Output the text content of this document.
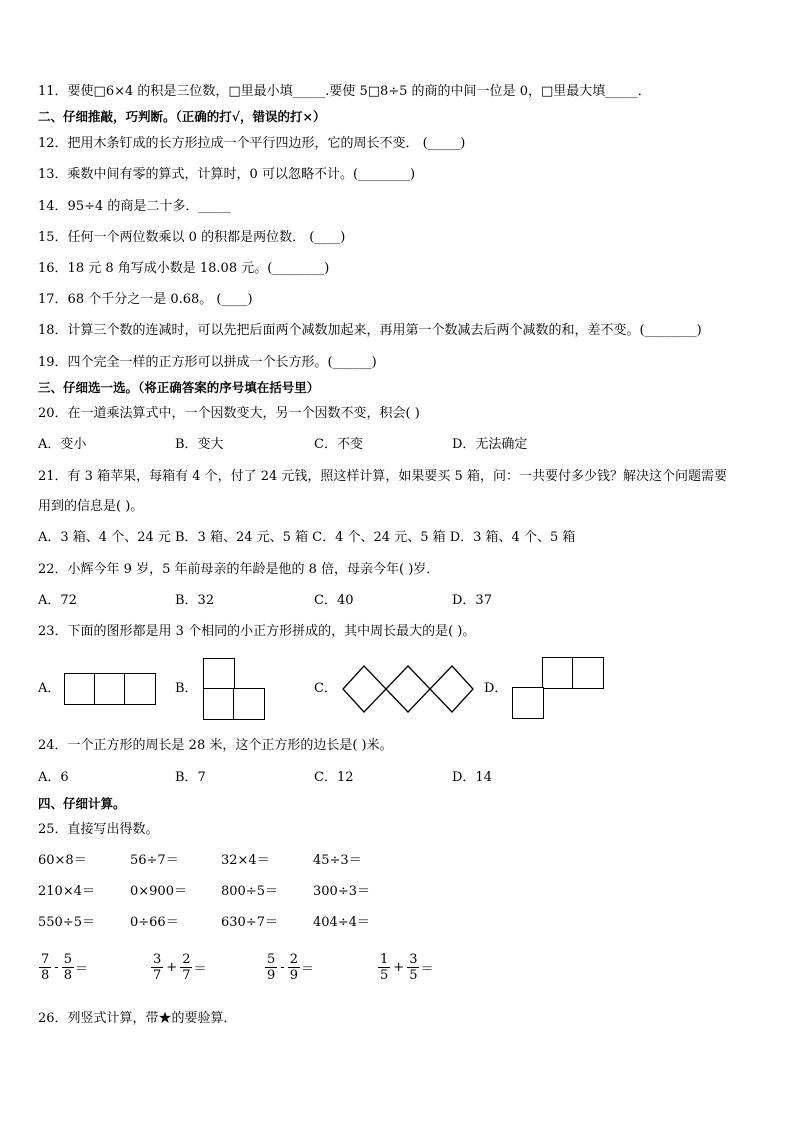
11．要使□6×4 的积是三位数，□里最小填_____.要使 5□8÷5 的商的中间一位是 0，□里最大填_____．
二、仔细推敲，巧判断。（正确的打√，错误的打×）
12．把用木条钉成的长方形拉成一个平行四边形，它的周长不变． (_____)
13．乘数中间有零的算式，计算时，0 可以忽略不计。(________)
14．95÷4 的商是二十多．_____
15．任何一个两位数乘以 0 的积都是两位数． (____)
16．18 元 8 角写成小数是 18.08 元。(________)
17．68 个千分之一是 0.68。 (____)
18．计算三个数的连减时，可以先把后面两个减数加起来，再用第一个数减去后两个减数的和，差不变。(________)
19．四个完全一样的正方形可以拼成一个长方形。(______)
三、仔细选一选。（将正确答案的序号填在括号里）
20．在一道乘法算式中，一个因数变大，另一个因数不变，积会( )
A．变小	B．变大	C．不变	D．无法确定
21．有 3 箱苹果，每箱有 4 个，付了 24 元钱，照这样计算，如果要买 5 箱，问：一共要付多少钱？解决这个问题需要
用到的信息是( )。
A．3 箱、4 个、24 元 B．3 箱、24 元、5 箱 C．4 个、24 元、5 箱 D．3 箱、4 个、5 箱
22．小辉今年 9 岁，5 年前母亲的年龄是他的 8 倍，母亲今年( )岁．
A．72	B．32	C．40	D．37
23．下面的图形都是用 3 个相同的小正方形拼成的，其中周长最大的是( )。
A．	B．	C．	D．
24．一个正方形的周长是 28 米，这个正方形的边长是( )米。
A．6	B．7	C．12	D．14
四、仔细计算。
25．直接写出得数。
60×8＝	56÷7＝	32×4＝	45÷3＝
210×4＝	0×900＝	800÷5＝	300÷3＝
550÷5＝	0÷66＝	630÷7＝	404÷4＝
$\frac{7}{8} - \frac{5}{8}$ ＝	$\frac{3}{7} + \frac{2}{7}$ ＝	$\frac{5}{9} - \frac{2}{9}$ ＝	$\frac{1}{5} + \frac{3}{5}$ ＝
26．列竖式计算，带★的要验算．
